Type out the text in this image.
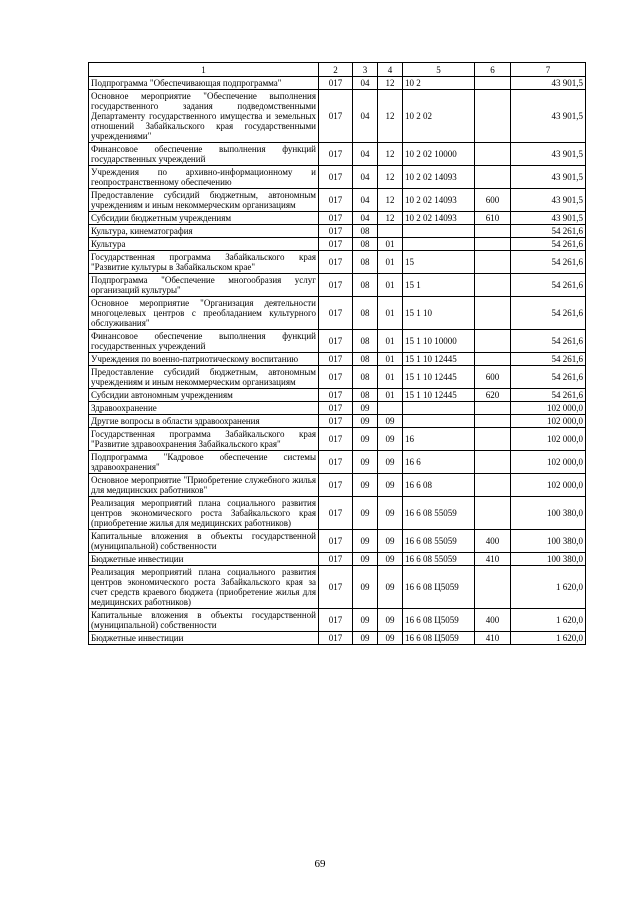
1	2	3	4	5	6	7
Подпрограмма "Обеспечивающая подпрограмма"	017	04	12	10 2		43 901,5
Основное мероприятие "Обеспечение выполнения государственного задания подведомственными Департаменту государственного имущества и земельных отношений Забайкальского края государственными учреждениями"	017	04	12	10 2 02		43 901,5
Финансовое обеспечение выполнения функций государственных учреждений	017	04	12	10 2 02 10000		43 901,5
Учреждения по архивно-информационному и геопространственному обеспечению	017	04	12	10 2 02 14093		43 901,5
Предоставление субсидий бюджетным, автономным учреждениям и иным некоммерческим организациям	017	04	12	10 2 02 14093	600	43 901,5
Субсидии бюджетным учреждениям	017	04	12	10 2 02 14093	610	43 901,5
Культура, кинематография	017	08				54 261,6
Культура	017	08	01			54 261,6
Государственная программа Забайкальского края "Развитие культуры в Забайкальском крае"	017	08	01	15		54 261,6
Подпрограмма "Обеспечение многообразия услуг организаций культуры"	017	08	01	15 1		54 261,6
Основное мероприятие "Организация деятельности многоцелевых центров с преобладанием культурного обслуживания"	017	08	01	15 1 10		54 261,6
Финансовое обеспечение выполнения функций государственных учреждений	017	08	01	15 1 10 10000		54 261,6
Учреждения по военно-патриотическому воспитанию	017	08	01	15 1 10 12445		54 261,6
Предоставление субсидий бюджетным, автономным учреждениям и иным некоммерческим организациям	017	08	01	15 1 10 12445	600	54 261,6
Субсидии автономным учреждениям	017	08	01	15 1 10 12445	620	54 261,6
Здравоохранение	017	09				102 000,0
Другие вопросы в области здравоохранения	017	09	09			102 000,0
Государственная программа Забайкальского края "Развитие здравоохранения Забайкальского края"	017	09	09	16		102 000,0
Подпрограмма "Кадровое обеспечение системы здравоохранения"	017	09	09	16 6		102 000,0
Основное мероприятие "Приобретение служебного жилья для медицинских работников"	017	09	09	16 6 08		102 000,0
Реализация мероприятий плана социального развития центров экономического роста Забайкальского края (приобретение жилья для медицинских работников)	017	09	09	16 6 08 55059		100 380,0
Капитальные вложения в объекты государственной (муниципальной) собственности	017	09	09	16 6 08 55059	400	100 380,0
Бюджетные инвестиции	017	09	09	16 6 08 55059	410	100 380,0
Реализация мероприятий плана социального развития центров экономического роста Забайкальского края за счет средств краевого бюджета (приобретение жилья для медицинских работников)	017	09	09	16 6 08 Ц5059		1 620,0
Капитальные вложения в объекты государственной (муниципальной) собственности	017	09	09	16 6 08 Ц5059	400	1 620,0
Бюджетные инвестиции	017	09	09	16 6 08 Ц5059	410	1 620,0
69
